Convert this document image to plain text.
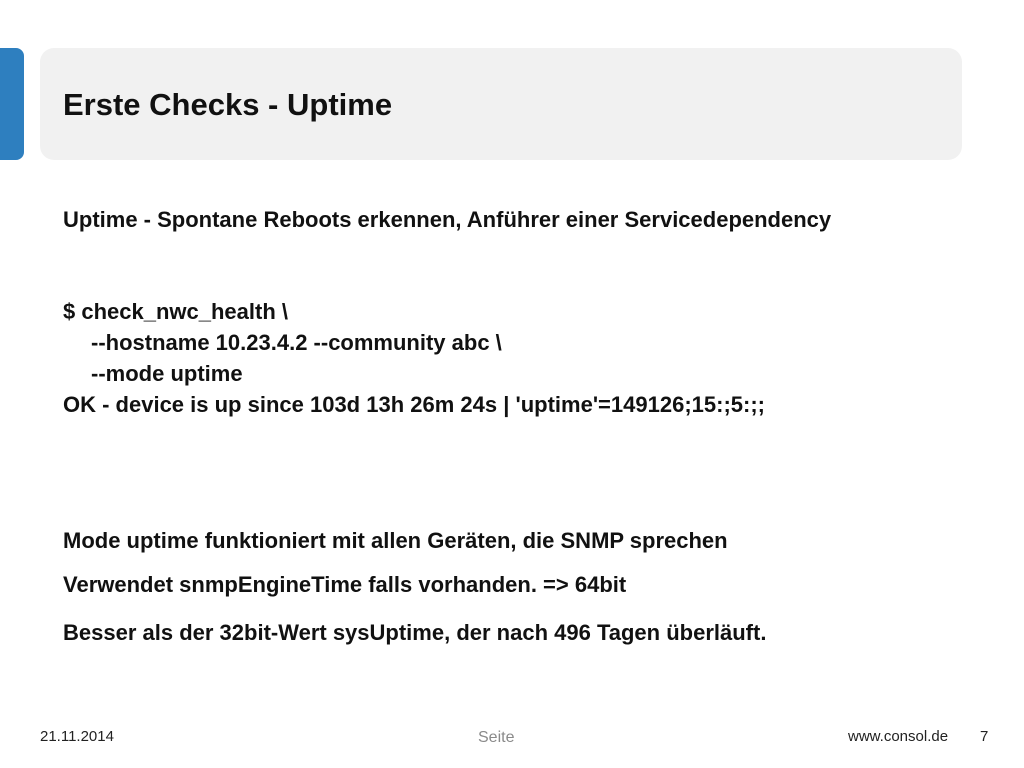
Erste Checks - Uptime
Uptime - Spontane Reboots erkennen, Anführer einer Servicedependency
$ check_nwc_health \
--hostname 10.23.4.2 --community abc \
--mode uptime
OK - device is up since 103d 13h 26m 24s | 'uptime'=149126;15:;5:;;
Mode uptime funktioniert mit allen Geräten, die SNMP sprechen
Verwendet snmpEngineTime falls vorhanden. => 64bit
Besser als der 32bit-Wert sysUptime, der nach 496 Tagen überläuft.
21.11.2014	Seite	www.consol.de 7
